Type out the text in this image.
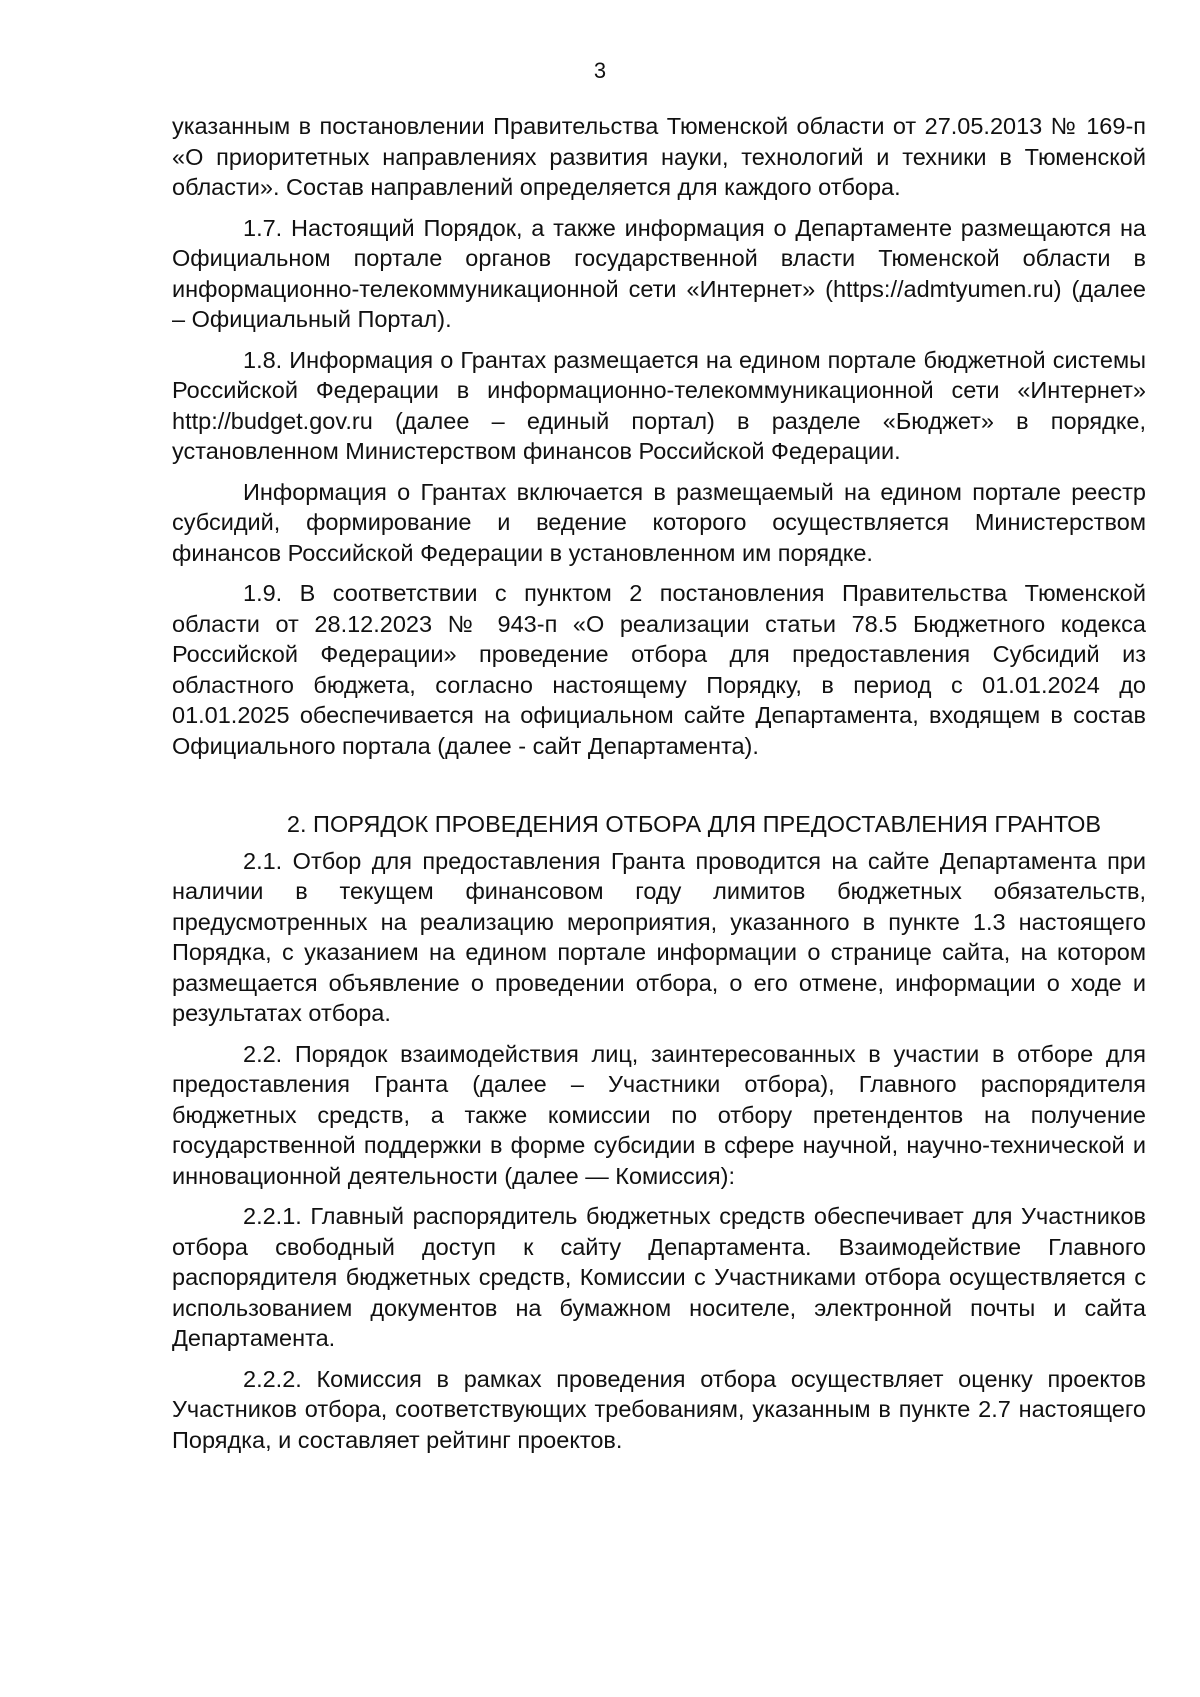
3

указанным в постановлении Правительства Тюменской области от 27.05.2013 № 169-п «О приоритетных направлениях развития науки, технологий и техники в Тюменской области». Состав направлений определяется для каждого отбора.

1.7. Настоящий Порядок, а также информация о Департаменте размещаются на Официальном портале органов государственной власти Тюменской области в информационно-телекоммуникационной сети «Интернет» (https://admtyumen.ru) (далее – Официальный Портал).

1.8. Информация о Грантах размещается на едином портале бюджетной системы Российской Федерации в информационно-телекоммуникационной сети «Интернет» http://budget.gov.ru (далее – единый портал) в разделе «Бюджет» в порядке, установленном Министерством финансов Российской Федерации.

Информация о Грантах включается в размещаемый на едином портале реестр субсидий, формирование и ведение которого осуществляется Министерством финансов Российской Федерации в установленном им порядке.

1.9. В соответствии с пунктом 2 постановления Правительства Тюменской области от 28.12.2023 № 943-п «О реализации статьи 78.5 Бюджетного кодекса Российской Федерации» проведение отбора для предоставления Субсидий из областного бюджета, согласно настоящему Порядку, в период с 01.01.2024 до 01.01.2025 обеспечивается на официальном сайте Департамента, входящем в состав Официального портала (далее - сайт Департамента).

2. ПОРЯДОК ПРОВЕДЕНИЯ ОТБОРА ДЛЯ ПРЕДОСТАВЛЕНИЯ ГРАНТОВ

2.1. Отбор для предоставления Гранта проводится на сайте Департамента при наличии в текущем финансовом году лимитов бюджетных обязательств, предусмотренных на реализацию мероприятия, указанного в пункте 1.3 настоящего Порядка, с указанием на едином портале информации о странице сайта, на котором размещается объявление о проведении отбора, о его отмене, информации о ходе и результатах отбора.

2.2. Порядок взаимодействия лиц, заинтересованных в участии в отборе для предоставления Гранта (далее – Участники отбора), Главного распорядителя бюджетных средств, а также комиссии по отбору претендентов на получение государственной поддержки в форме субсидии в сфере научной, научно-технической и инновационной деятельности (далее — Комиссия):

2.2.1. Главный распорядитель бюджетных средств обеспечивает для Участников отбора свободный доступ к сайту Департамента. Взаимодействие Главного распорядителя бюджетных средств, Комиссии с Участниками отбора осуществляется с использованием документов на бумажном носителе, электронной почты и сайта Департамента.

2.2.2. Комиссия в рамках проведения отбора осуществляет оценку проектов Участников отбора, соответствующих требованиям, указанным в пункте 2.7 настоящего Порядка, и составляет рейтинг проектов.
